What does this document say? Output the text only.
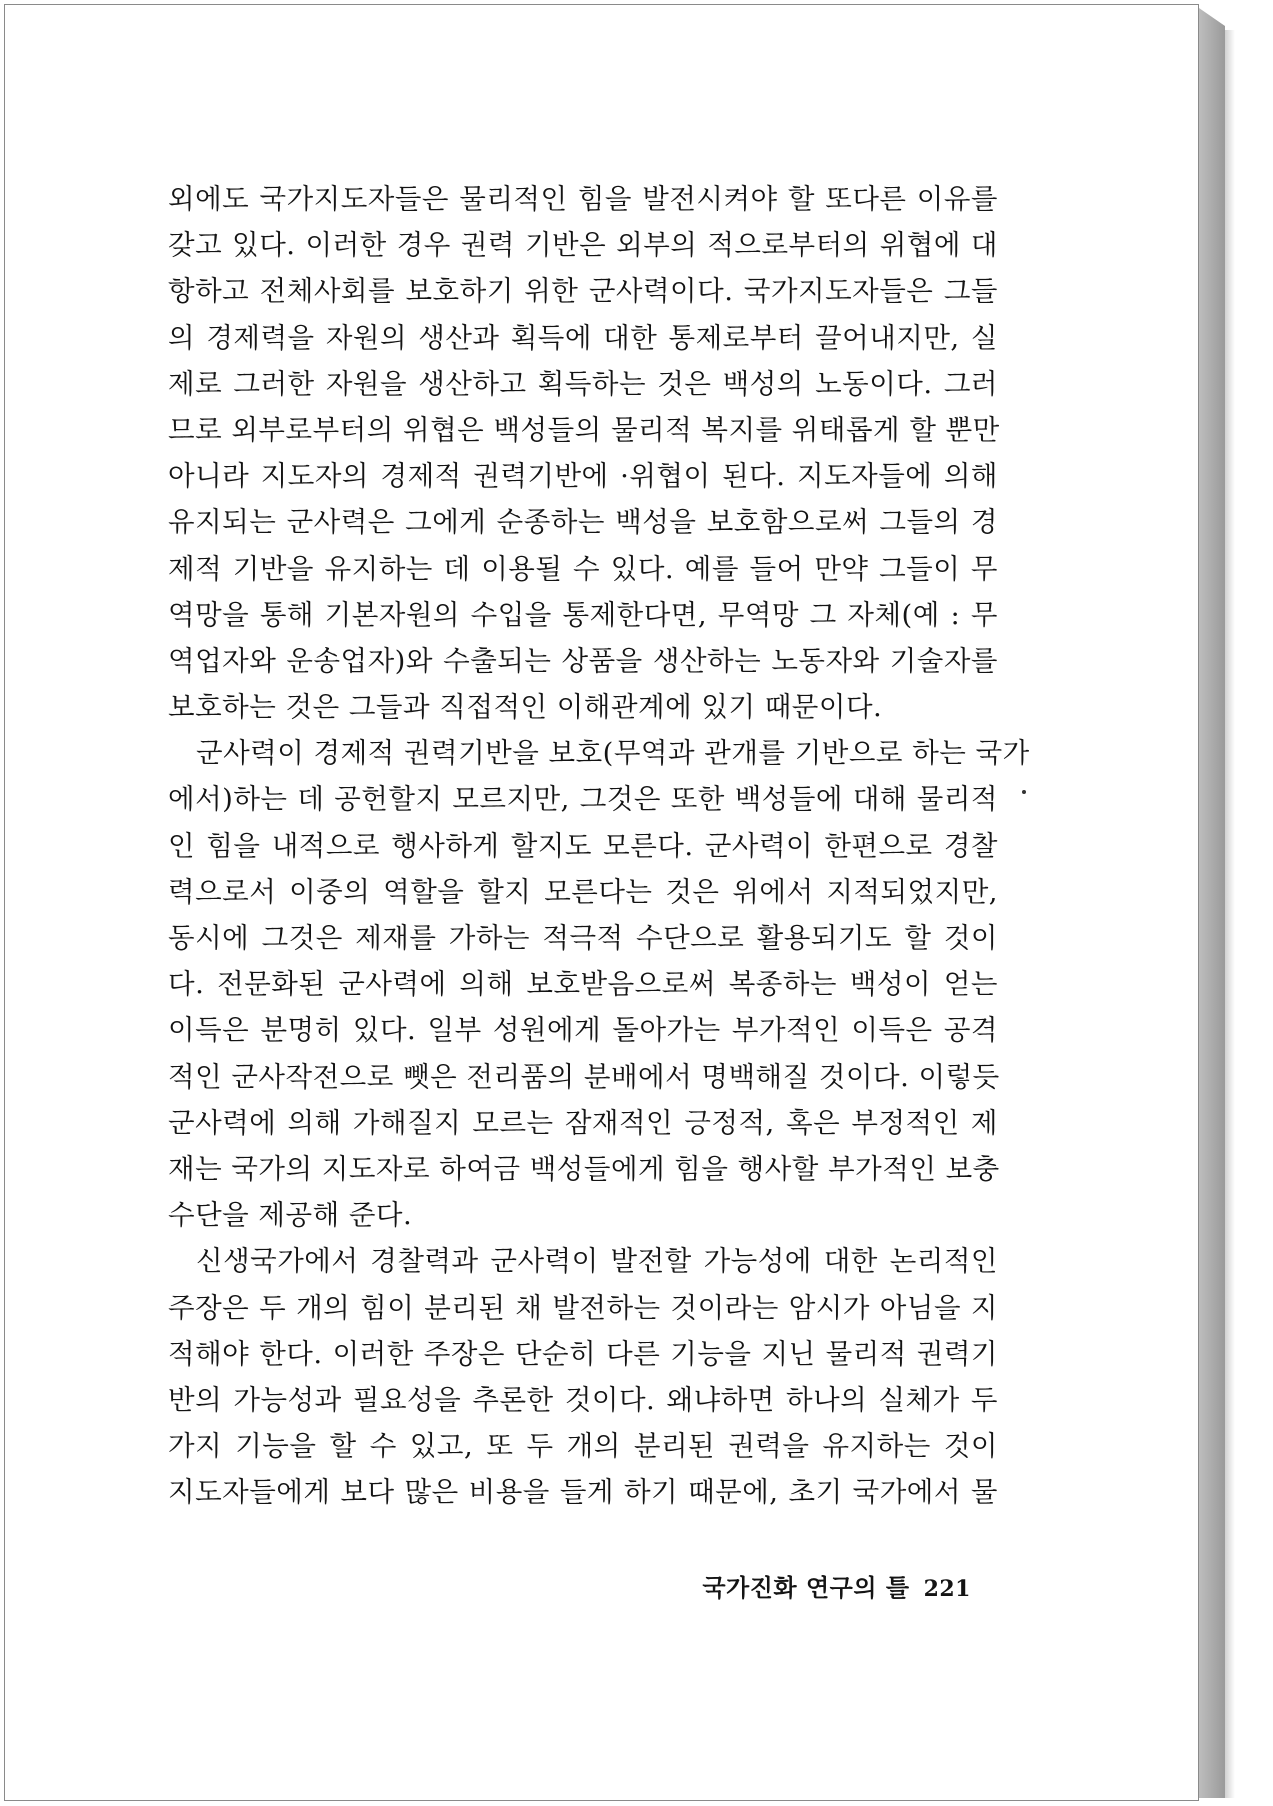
외에도 국가지도자들은 물리적인 힘을 발전시켜야 할 또다른 이유를
갖고 있다. 이러한 경우 권력 기반은 외부의 적으로부터의 위협에 대
항하고 전체사회를 보호하기 위한 군사력이다. 국가지도자들은 그들
의 경제력을 자원의 생산과 획득에 대한 통제로부터 끌어내지만, 실
제로 그러한 자원을 생산하고 획득하는 것은 백성의 노동이다. 그러
므로 외부로부터의 위협은 백성들의 물리적 복지를 위태롭게 할 뿐만
아니라 지도자의 경제적 권력기반에 ·위협이 된다. 지도자들에 의해
유지되는 군사력은 그에게 순종하는 백성을 보호함으로써 그들의 경
제적 기반을 유지하는 데 이용될 수 있다. 예를 들어 만약 그들이 무
역망을 통해 기본자원의 수입을 통제한다면, 무역망 그 자체(예 : 무
역업자와 운송업자)와 수출되는 상품을 생산하는 노동자와 기술자를
보호하는 것은 그들과 직접적인 이해관계에 있기 때문이다.
군사력이 경제적 권력기반을 보호(무역과 관개를 기반으로 하는 국가
에서)하는 데 공헌할지 모르지만, 그것은 또한 백성들에 대해 물리적
인 힘을 내적으로 행사하게 할지도 모른다. 군사력이 한편으로 경찰
력으로서 이중의 역할을 할지 모른다는 것은 위에서 지적되었지만,
동시에 그것은 제재를 가하는 적극적 수단으로 활용되기도 할 것이
다. 전문화된 군사력에 의해 보호받음으로써 복종하는 백성이 얻는
이득은 분명히 있다. 일부 성원에게 돌아가는 부가적인 이득은 공격
적인 군사작전으로 뺏은 전리품의 분배에서 명백해질 것이다. 이렇듯
군사력에 의해 가해질지 모르는 잠재적인 긍정적, 혹은 부정적인 제
재는 국가의 지도자로 하여금 백성들에게 힘을 행사할 부가적인 보충
수단을 제공해 준다.
신생국가에서 경찰력과 군사력이 발전할 가능성에 대한 논리적인
주장은 두 개의 힘이 분리된 채 발전하는 것이라는 암시가 아님을 지
적해야 한다. 이러한 주장은 단순히 다른 기능을 지닌 물리적 권력기
반의 가능성과 필요성을 추론한 것이다. 왜냐하면 하나의 실체가 두
가지 기능을 할 수 있고, 또 두 개의 분리된 권력을 유지하는 것이
지도자들에게 보다 많은 비용을 들게 하기 때문에, 초기 국가에서 물
국가진화 연구의 틀 221
